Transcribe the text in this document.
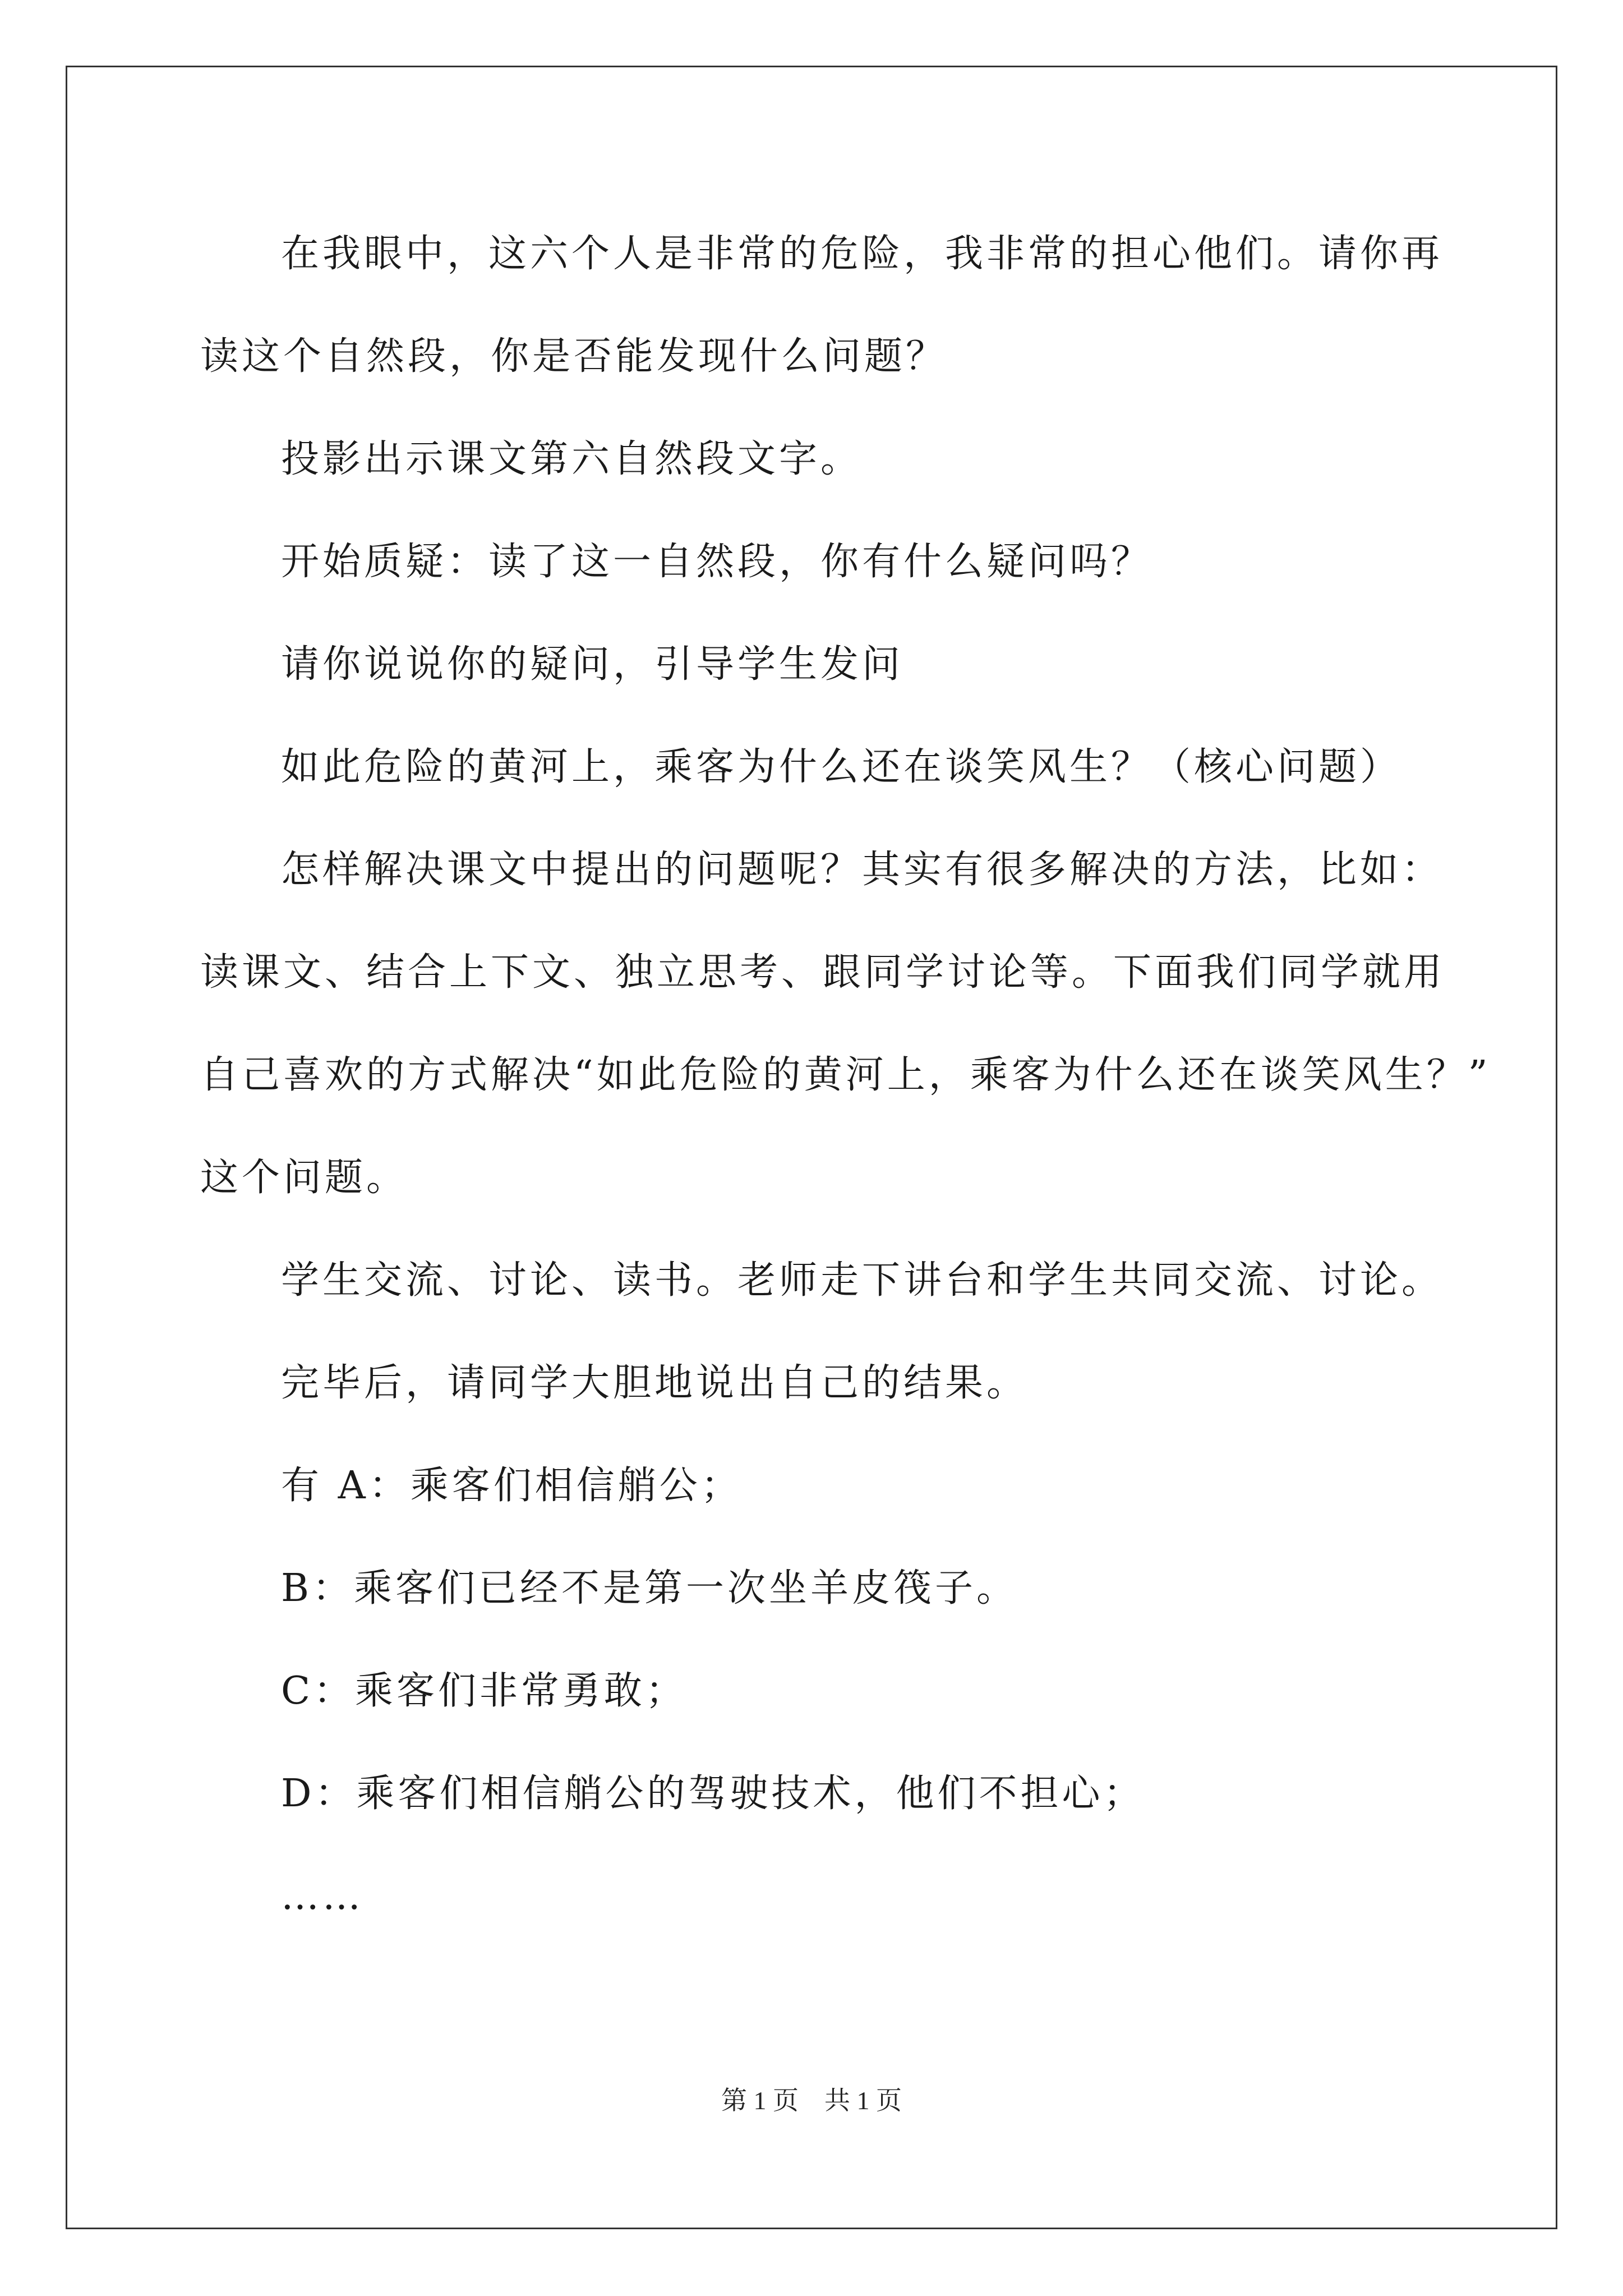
在我眼中，这六个人是非常的危险，我非常的担心他们。请你再
读这个自然段，你是否能发现什么问题？
投影出示课文第六自然段文字。
开始质疑：读了这一自然段，你有什么疑问吗？
请你说说你的疑问，引导学生发问
如此危险的黄河上，乘客为什么还在谈笑风生？（核心问题）
怎样解决课文中提出的问题呢？其实有很多解决的方法，比如：
读课文、结合上下文、独立思考、跟同学讨论等。下面我们同学就用
自己喜欢的方式解决“如此危险的黄河上，乘客为什么还在谈笑风生？”
这个问题。
学生交流、讨论、读书。老师走下讲台和学生共同交流、讨论。
完毕后，请同学大胆地说出自己的结果。
有 A：乘客们相信艄公；
B：乘客们已经不是第一次坐羊皮筏子。
C：乘客们非常勇敢；
D：乘客们相信艄公的驾驶技术，他们不担心；
……
第 1 页　共 1 页
